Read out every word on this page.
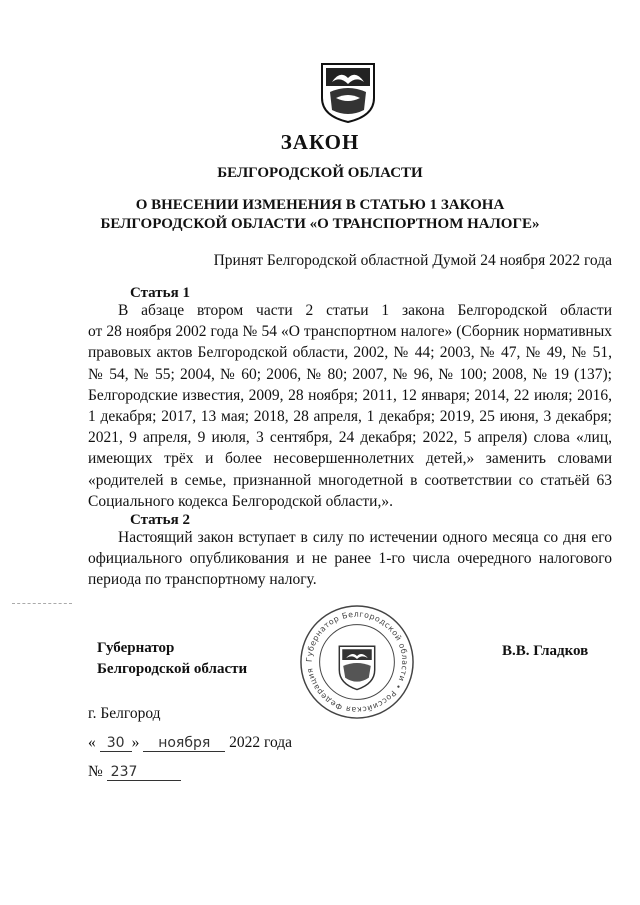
ЗАКОН
БЕЛГОРОДСКОЙ ОБЛАСТИ
О ВНЕСЕНИИ ИЗМЕНЕНИЯ В СТАТЬЮ 1 ЗАКОНА
БЕЛГОРОДСКОЙ ОБЛАСТИ «О ТРАНСПОРТНОМ НАЛОГЕ»
Принят Белгородской областной Думой 24 ноября 2022 года
Статья 1
В абзаце втором части 2 статьи 1 закона Белгородской области
от 28 ноября 2002 года № 54 «О транспортном налоге» (Сборник нормативных
правовых актов Белгородской области, 2002, № 44; 2003, № 47, № 49, № 51,
№ 54, № 55; 2004, № 60; 2006, № 80; 2007, № 96, № 100; 2008, № 19 (137);
Белгородские известия, 2009, 28 ноября; 2011, 12 января; 2014, 22 июля; 2016,
1 декабря; 2017, 13 мая; 2018, 28 апреля, 1 декабря; 2019, 25 июня, 3 декабря;
2021, 9 апреля, 9 июля, 3 сентября, 24 декабря; 2022, 5 апреля) слова «лиц,
имеющих трёх и более несовершеннолетних детей,» заменить словами
«родителей в семье, признанной многодетной в соответствии со статьёй 63
Социального кодекса Белгородской области,».
Статья 2
Настоящий закон вступает в силу по истечении одного месяца со дня его
официального опубликования и не ранее 1-го числа очередного налогового
периода по транспортному налогу.
Губернатор
Белгородской области
В.В. Гладков
Губернатор Белгородской области • Российская Федерация
г. Белгород
« 30 » ноября 2022 года
№ 237
